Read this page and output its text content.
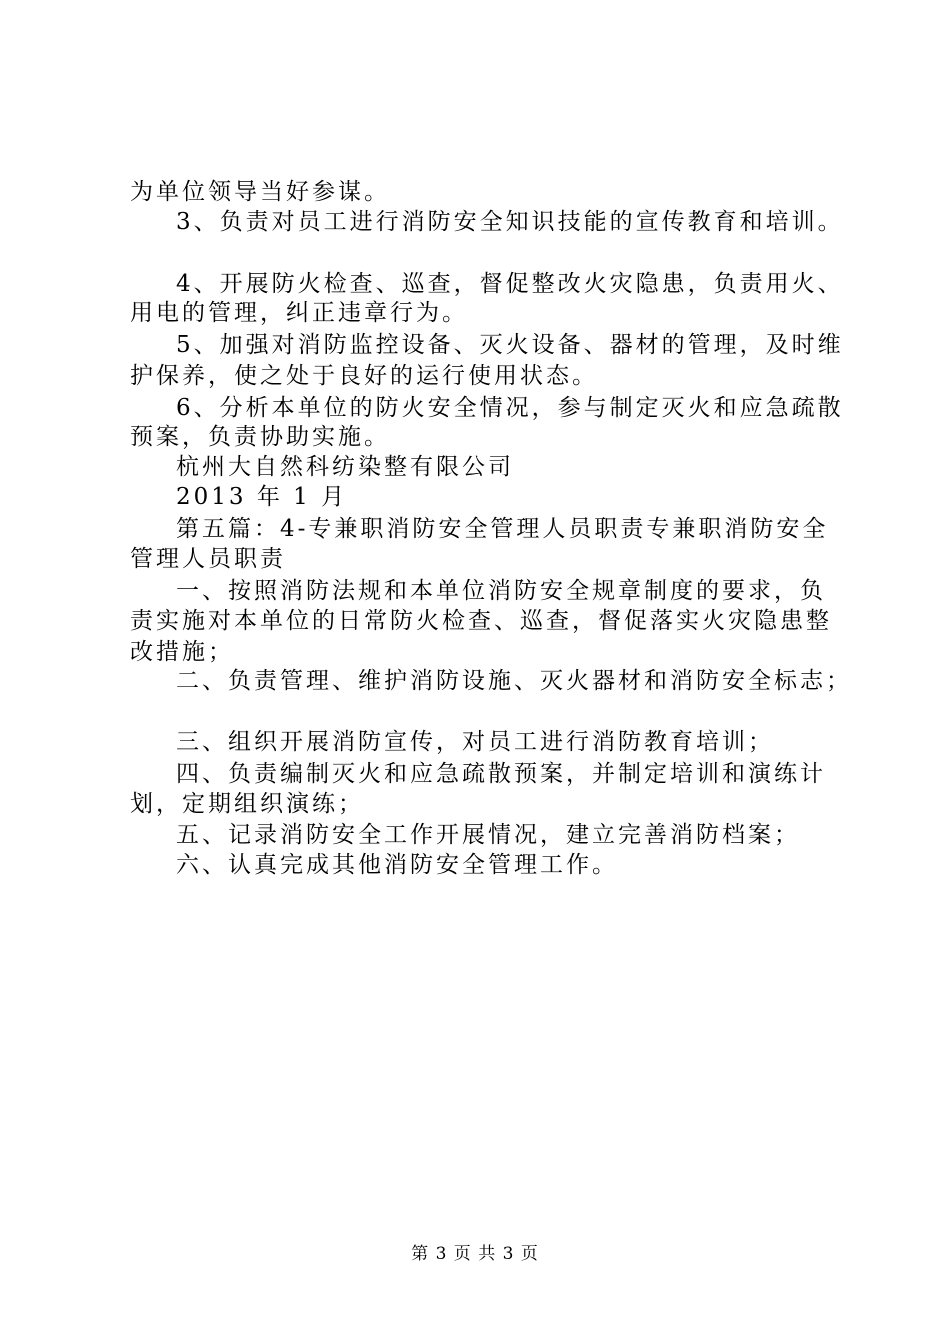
为单位领导当好参谋。
3、负责对员工进行消防安全知识技能的宣传教育和培训。
4、开展防火检查、巡查，督促整改火灾隐患，负责用火、
用电的管理，纠正违章行为。
5、加强对消防监控设备、灭火设备、器材的管理，及时维
护保养，使之处于良好的运行使用状态。
6、分析本单位的防火安全情况，参与制定灭火和应急疏散
预案，负责协助实施。
杭州大自然科纺染整有限公司
2013 年 1 月
第五篇：4-专兼职消防安全管理人员职责专兼职消防安全
管理人员职责
一、按照消防法规和本单位消防安全规章制度的要求，负
责实施对本单位的日常防火检查、巡查，督促落实火灾隐患整
改措施；
二、负责管理、维护消防设施、灭火器材和消防安全标志；
三、组织开展消防宣传，对员工进行消防教育培训；
四、负责编制灭火和应急疏散预案，并制定培训和演练计
划，定期组织演练；
五、记录消防安全工作开展情况，建立完善消防档案；
六、认真完成其他消防安全管理工作。
第 3 页 共 3 页
